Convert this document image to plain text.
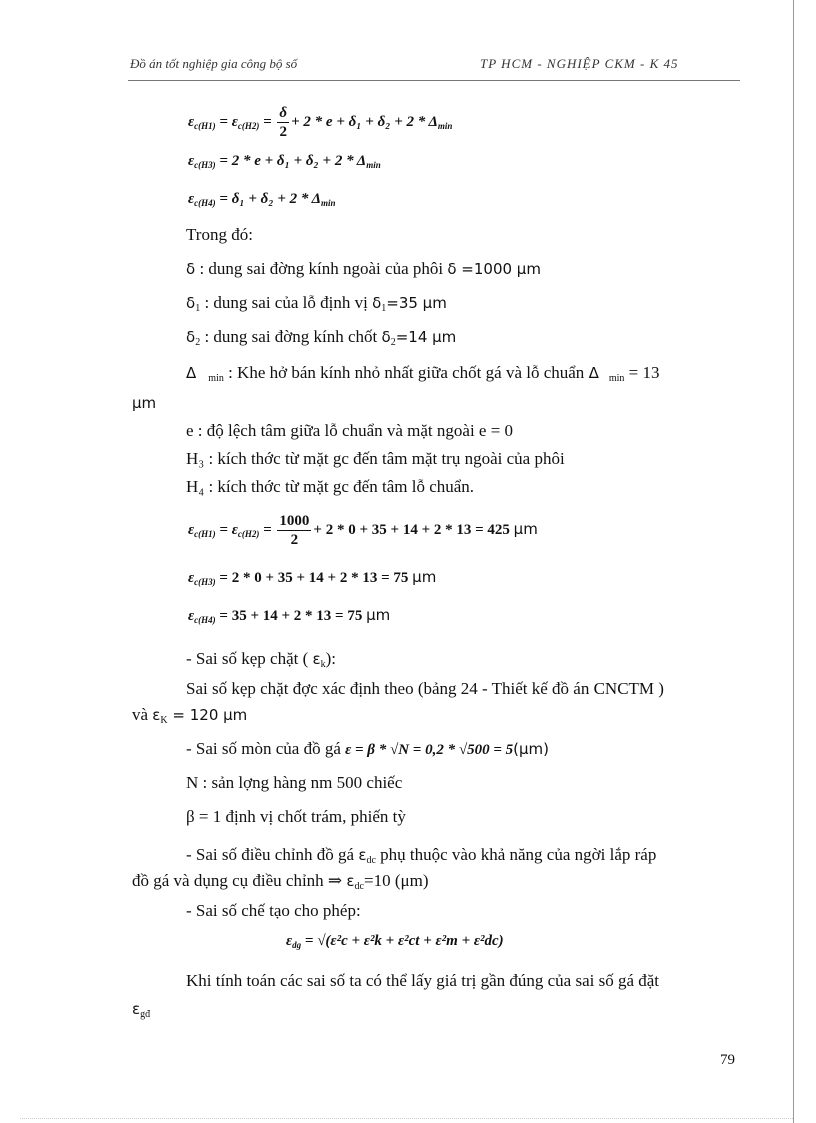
Đồ án tốt nghiệp gia công bộ số	TP HCM - NGHIỆP CKM - K 45
$\varepsilon_{c(H1)} = \varepsilon_{c(H2)} = \frac{\delta}{2} + 2 * e + \delta_1 + \delta_2 + 2 * \Delta_{min}$
$\varepsilon_{c(H3)} = 2 * e + \delta_1 + \delta_2 + 2 * \Delta_{min}$
$\varepsilon_{c(H4)} = \delta_1 + \delta_2 + 2 * \Delta_{min}$
Trong đó:
δ : dung sai đờng kính ngoài của phôi δ =1000 μm
δ1 : dung sai của lỗ định vị δ1=35 μm
δ2 : dung sai đờng kính chốt δ2=14 μm
Δ min : Khe hở bán kính nhỏ nhất giữa chốt gá và lỗ chuẩn Δ min = 13
μm
e : độ lệch tâm giữa lỗ chuẩn và mặt ngoài e = 0
H₃ : kích thớc từ mặt gc đến tâm mặt trụ ngoài của phôi
H₄ : kích thớc từ mặt gc đến tâm lỗ chuẩn.
$\varepsilon_{c(H1)} = \varepsilon_{c(H2)} = \frac{1000}{2} + 2 * 0 + 35 + 14 + 2 * 13 = 425$ μm
$\varepsilon_{c(H3)} = 2 * 0 + 35 + 14 + 2 * 13 = 75$ μm
$\varepsilon_{c(H4)} = 35 + 14 + 2 * 13 = 75$ μm
- Sai số kẹp chặt ( εk):
Sai số kẹp chặt đợc xác định theo (bảng 24 - Thiết kế đồ án CNCTM )
và εK = 120 μm
- Sai số mòn của đồ gá ε = β * √N = 0,2 * √500 = 5(μm)
N : sản lợng hàng nm 500 chiếc
β = 1 định vị chốt trám, phiến tỳ
- Sai số điều chỉnh đồ gá εdc phụ thuộc vào khả năng của ngời lắp ráp
đồ gá và dụng cụ điều chỉnh ⇒ εdc=10 (μm)
- Sai số chế tạo cho phép:
$\varepsilon_{dg} = √(\varepsilon^2c + \varepsilon^2k + \varepsilon^2ct + \varepsilon^2m + \varepsilon^2dc)$
Khi tính toán các sai số ta có thể lấy giá trị gần đúng của sai số gá đặt
εgđ
79
